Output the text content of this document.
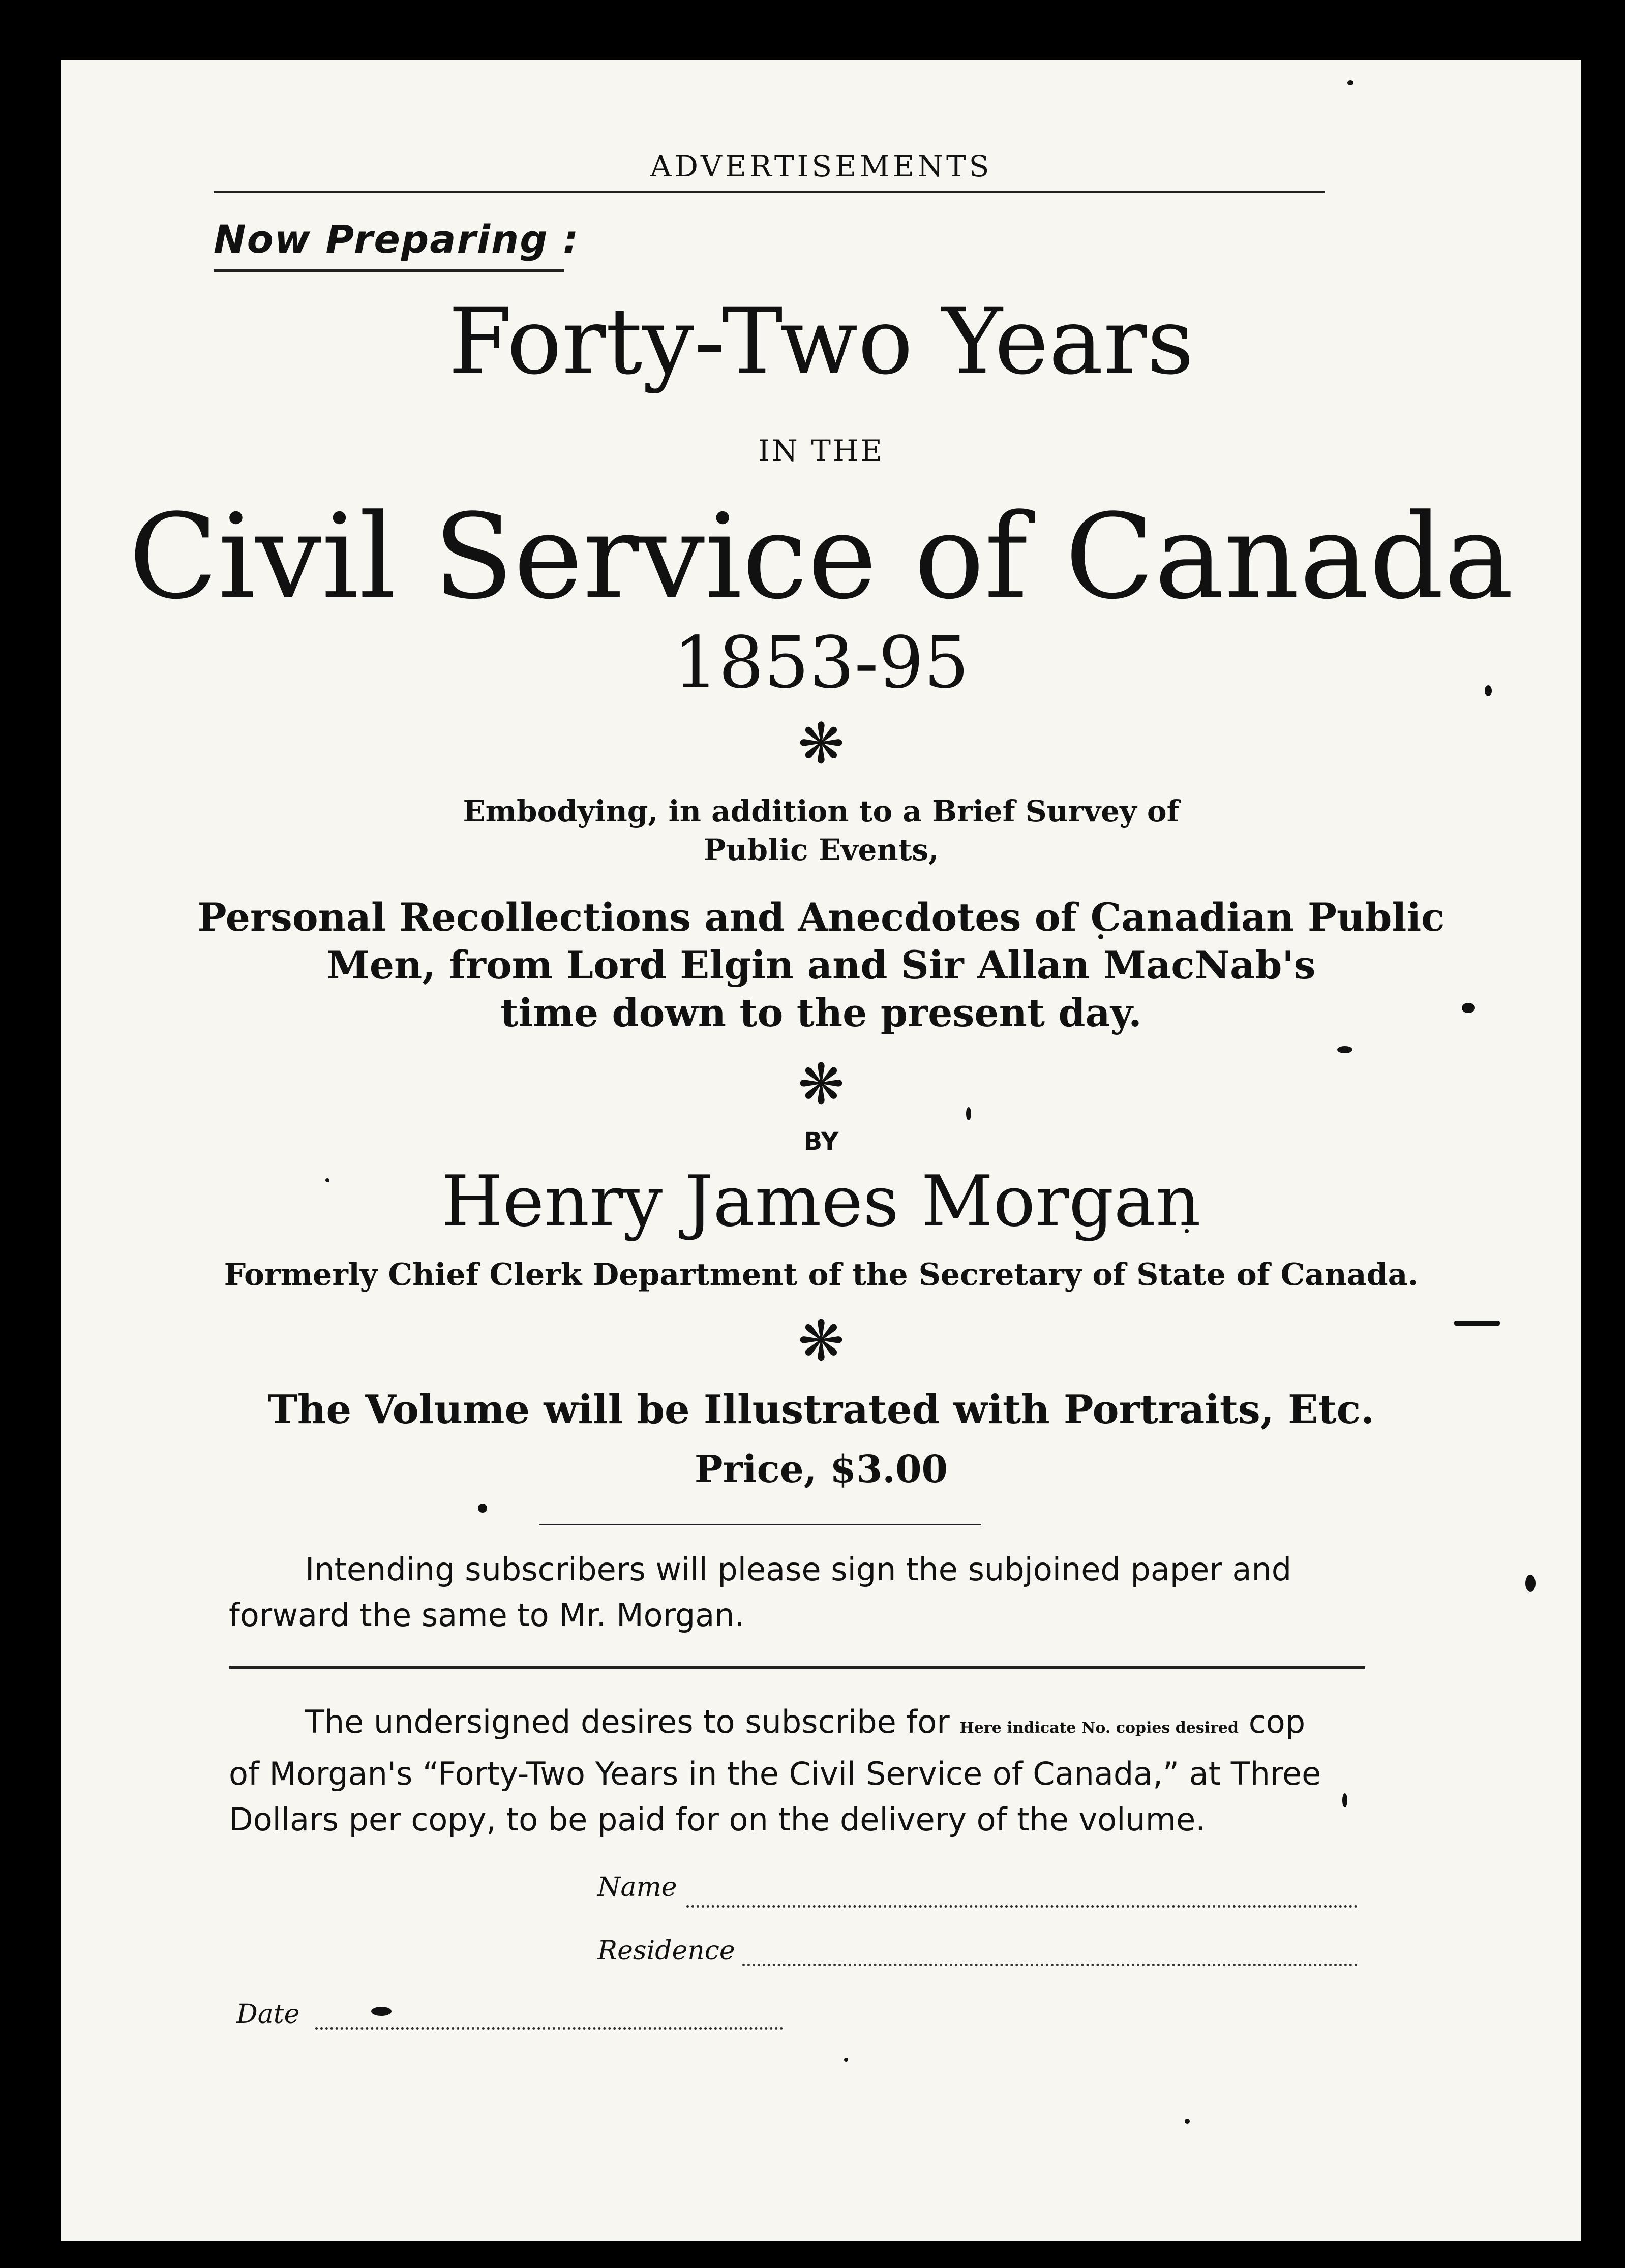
ADVERTISEMENTS
Now Preparing :
Forty-Two Years
IN THE
Civil Service of Canada
1853-95
❋
Embodying, in addition to a Brief Survey of
Public Events,
Personal Recollections and Anecdotes of Canadian Public
Men, from Lord Elgin and Sir Allan MacNab's
time down to the present day.
❋
BY
Henry James Morgan
Formerly Chief Clerk Department of the Secretary of State of Canada.
❋
The Volume will be Illustrated with Portraits, Etc.
Price, $3.00
Intending subscribers will please sign the subjoined paper and forward the same to Mr. Morgan.
The undersigned desires to subscribe for Here indicate No. copies desired cop of Morgan's “Forty-Two Years in the Civil Service of Canada,” at Three Dollars per copy, to be paid for on the delivery of the volume.
Name
Residence
Date
